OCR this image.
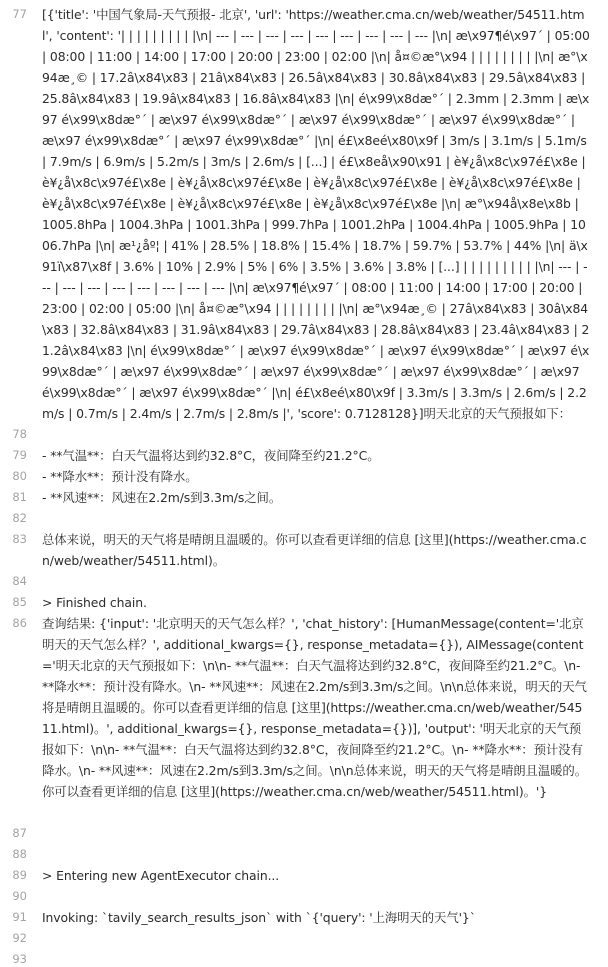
77 [{'title': '中国气象局-天气预报- 北京', 'url': 'https://weather.cma.cn/web/weather/54511.html', 'content': '| | | | | | | | | |\n| --- | --- | --- | --- | --- | --- | --- | --- | --- |\n| æ\x97¶é\x97´ | 05:00 | 08:00 | 11:00 | 14:00 | 17:00 | 20:00 | 23:00 | 02:00 |\n| å¤©æ°\x94 | | | | | | | | |\n| æ°\x94æ¸© | 17.2â\x84\x83 | 21â\x84\x83 | 26.5â\x84\x83 | 30.8â\x84\x83 | 29.5â\x84\x83 | 25.8â\x84\x83 | 19.9â\x84\x83 | 16.8â\x84\x83 |\n| é\x99\x8dæ°´ | 2.3mm | 2.3mm | æ\x97 é\x99\x8dæ°´ | æ\x97 é\x99\x8dæ°´ | æ\x97 é\x99\x8dæ°´ | æ\x97 é\x99\x8dæ°´ | æ\x97 é\x99\x8dæ°´ | æ\x97 é\x99\x8dæ°´ |\n| é£\x8eé\x80\x9f | 3m/s | 3.1m/s | 5.1m/s | 7.9m/s | 6.9m/s | 5.2m/s | 3m/s | 2.6m/s | [...] | é£\x8eå\x90\x91 | è¥¿å\x8c\x97é£\x8e | è¥¿å\x8c\x97é£\x8e | è¥¿å\x8c\x97é£\x8e | è¥¿å\x8c\x97é£\x8e | è¥¿å\x8c\x97é£\x8e | è¥¿å\x8c\x97é£\x8e | è¥¿å\x8c\x97é£\x8e | è¥¿å\x8c\x97é£\x8e |\n| æ°\x94å\x8e\x8b | 1005.8hPa | 1004.3hPa | 1001.3hPa | 999.7hPa | 1001.2hPa | 1004.4hPa | 1005.9hPa | 1006.7hPa |\n| æ¹¿åº¦ | 41% | 28.5% | 18.8% | 15.4% | 18.7% | 59.7% | 53.7% | 44% |\n| ä\x91ï\x87\x8f | 3.6% | 10% | 2.9% | 5% | 6% | 3.5% | 3.6% | 3.8% | [...] | | | | | | | | | |\n| --- | --- | --- | --- | --- | --- | --- | --- | --- |\n| æ\x97¶é\x97´ | 08:00 | 11:00 | 14:00 | 17:00 | 20:00 | 23:00 | 02:00 | 05:00 |\n| å¤©æ°\x94 | | | | | | | | |\n| æ°\x94æ¸© | 27â\x84\x83 | 30â\x84\x83 | 32.8â\x84\x83 | 31.9â\x84\x83 | 29.7â\x84\x83 | 28.8â\x84\x83 | 23.4â\x84\x83 | 21.2â\x84\x83 |\n| é\x99\x8dæ°´ | æ\x97 é\x99\x8dæ°´ | æ\x97 é\x99\x8dæ°´ | æ\x97 é\x99\x8dæ°´ | æ\x97 é\x99\x8dæ°´ | æ\x97 é\x99\x8dæ°´ | æ\x97 é\x99\x8dæ°´ | æ\x97 é\x99\x8dæ°´ | æ\x97 é\x99\x8dæ°´ |\n| é£\x8eé\x80\x9f | 3.3m/s | 3.3m/s | 2.6m/s | 2.2m/s | 0.7m/s | 2.4m/s | 2.7m/s | 2.8m/s |', 'score': 0.7128128}]明天北京的天气预报如下：
78
79 - **气温**：白天气温将达到约32.8°C，夜间降至约21.2°C。
80 - **降水**：预计没有降水。
81 - **风速**：风速在2.2m/s到3.3m/s之间。
82
83 总体来说，明天的天气将是晴朗且温暖的。你可以查看更详细的信息 [这里](https://weather.cma.cn/web/weather/54511.html)。
84
85 > Finished chain.
86 查询结果: {'input': '北京明天的天气怎么样？', 'chat_history': [HumanMessage(content='北京明天的天气怎么样？', additional_kwargs={}, response_metadata={}), AIMessage(content='明天北京的天气预报如下：\n\n- **气温**：白天气温将达到约32.8°C，夜间降至约21.2°C。\n- **降水**：预计没有降水。\n- **风速**：风速在2.2m/s到3.3m/s之间。\n\n总体来说，明天的天气将是晴朗且温暖的。你可以查看更详细的信息 [这里](https://weather.cma.cn/web/weather/54511.html)。', additional_kwargs={}, response_metadata={})], 'output': '明天北京的天气预报如下：\n\n- **气温**：白天气温将达到约32.8°C，夜间降至约21.2°C。\n- **降水**：预计没有降水。\n- **风速**：风速在2.2m/s到3.3m/s之间。\n\n总体来说，明天的天气将是晴朗且温暖的。你可以查看更详细的信息 [这里](https://weather.cma.cn/web/weather/54511.html)。'}
87
88
89 > Entering new AgentExecutor chain...
90
91 Invoking: `tavily_search_results_json` with `{'query': '上海明天的天气'}`
92
93
